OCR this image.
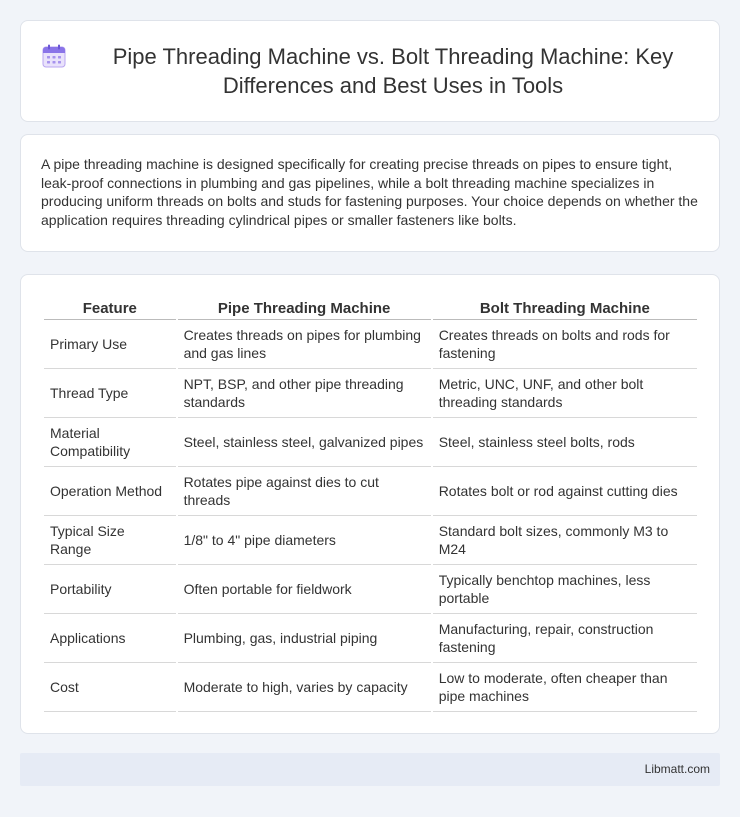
Pipe Threading Machine vs. Bolt Threading Machine: Key Differences and Best Uses in Tools

A pipe threading machine is designed specifically for creating precise threads on pipes to ensure tight, leak-proof connections in plumbing and gas pipelines, while a bolt threading machine specializes in producing uniform threads on bolts and studs for fastening purposes. Your choice depends on whether the application requires threading cylindrical pipes or smaller fasteners like bolts.

Feature	Pipe Threading Machine	Bolt Threading Machine
Primary Use	Creates threads on pipes for plumbing and gas lines	Creates threads on bolts and rods for fastening
Thread Type	NPT, BSP, and other pipe threading standards	Metric, UNC, UNF, and other bolt threading standards
Material Compatibility	Steel, stainless steel, galvanized pipes	Steel, stainless steel bolts, rods
Operation Method	Rotates pipe against dies to cut threads	Rotates bolt or rod against cutting dies
Typical Size Range	1/8" to 4" pipe diameters	Standard bolt sizes, commonly M3 to M24
Portability	Often portable for fieldwork	Typically benchtop machines, less portable
Applications	Plumbing, gas, industrial piping	Manufacturing, repair, construction fastening
Cost	Moderate to high, varies by capacity	Low to moderate, often cheaper than pipe machines
Libmatt.com
